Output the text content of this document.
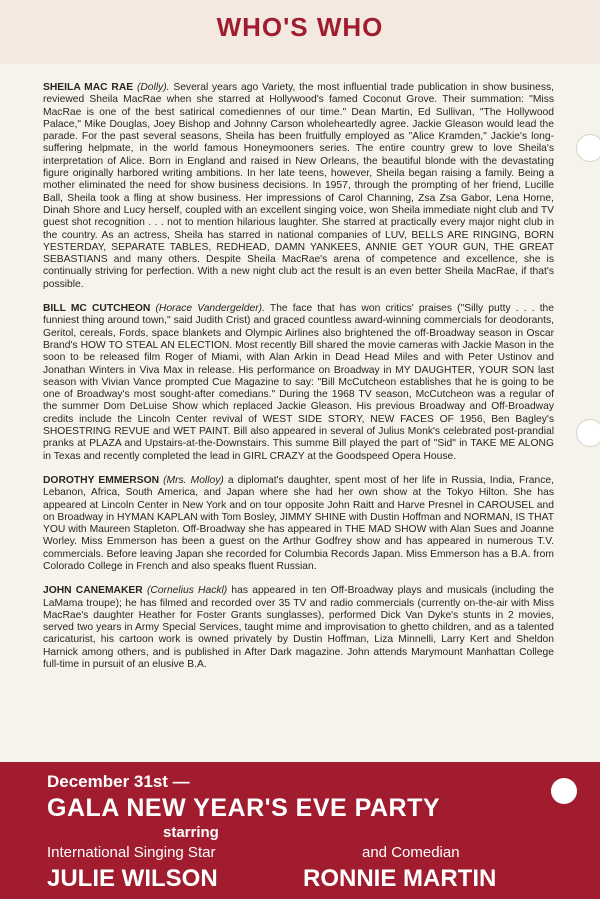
WHO'S WHO

SHEILA MAC RAE (Dolly). Several years ago Variety, the most influential trade publication in show business, reviewed Sheila MacRae when she starred at Hollywood's famed Coconut Grove. Their summation: "Miss MacRae is one of the best satirical comediennes of our time." Dean Martin, Ed Sullivan, "The Hollywood Palace," Mike Douglas, Joey Bishop and Johnny Carson wholeheartedly agree. Jackie Gleason would lead the parade. For the past several seasons, Sheila has been fruitfully employed as "Alice Kramden," Jackie's long-suffering helpmate, in the world famous Honeymooners series. The entire country grew to love Sheila's interpretation of Alice. Born in England and raised in New Orleans, the beautiful blonde with the devastating figure originally harbored writing ambitions. In her late teens, however, Sheila began raising a family. Being a mother eliminated the need for show business decisions. In 1957, through the prompting of her friend, Lucille Ball, Sheila took a fling at show business. Her impressions of Carol Channing, Zsa Zsa Gabor, Lena Horne, Dinah Shore and Lucy herself, coupled with an excellent singing voice, won Sheila immediate night club and TV guest shot recognition . . . not to mention hilarious laughter. She starred at practically every major night club in the country. As an actress, Sheila has starred in national companies of LUV, BELLS ARE RINGING, BORN YESTERDAY, SEPARATE TABLES, REDHEAD, DAMN YANKEES, ANNIE GET YOUR GUN, THE GREAT SEBASTIANS and many others. Despite Sheila MacRae's arena of competence and excellence, she is continually striving for perfection. With a new night club act the result is an even better Sheila MacRae, if that's possible.

BILL MC CUTCHEON (Horace Vandergelder). The face that has won critics' praises ("Silly putty . . . the funniest thing around town," said Judith Crist) and graced countless award-winning commercials for deodorants, Geritol, cereals, Fords, space blankets and Olympic Airlines also brightened the off-Broadway season in Oscar Brand's HOW TO STEAL AN ELECTION. Most recently Bill shared the movie cameras with Jackie Mason in the soon to be released film Roger of Miami, with Alan Arkin in Dead Head Miles and with Peter Ustinov and Jonathan Winters in Viva Max in release. His performance on Broadway in MY DAUGHTER, YOUR SON last season with Vivian Vance prompted Cue Magazine to say: "Bill McCutcheon establishes that he is going to be one of Broadway's most sought-after comedians." During the 1968 TV season, McCutcheon was a regular of the summer Dom DeLuise Show which replaced Jackie Gleason. His previous Broadway and Off-Broadway credits include the Lincoln Center revival of WEST SIDE STORY, NEW FACES OF 1956, Ben Bagley's SHOESTRING REVUE and WET PAINT. Bill also appeared in several of Julius Monk's celebrated post-prandial pranks at PLAZA and Upstairs-at-the-Downstairs. This summe Bill played the part of "Sid" in TAKE ME ALONG in Texas and recently completed the lead in GIRL CRAZY at the Goodspeed Opera House.

DOROTHY EMMERSON (Mrs. Molloy) a diplomat's daughter, spent most of her life in Russia, India, France, Lebanon, Africa, South America, and Japan where she had her own show at the Tokyo Hilton. She has appeared at Lincoln Center in New York and on tour opposite John Raitt and Harve Presnel in CAROUSEL and on Broadway in HYMAN KAPLAN with Tom Bosley, JIMMY SHINE with Dustin Hoffman and NORMAN, IS THAT YOU with Maureen Stapleton. Off-Broadway she has appeared in THE MAD SHOW with Alan Sues and Joanne Worley. Miss Emmerson has been a guest on the Arthur Godfrey show and has appeared in numerous T.V. commercials. Before leaving Japan she recorded for Columbia Records Japan. Miss Emmerson has a B.A. from Colorado College in French and also speaks fluent Russian.

JOHN CANEMAKER (Cornelius Hackl) has appeared in ten Off-Broadway plays and musicals (including the LaMama troupe); he has filmed and recorded over 35 TV and radio commercials (currently on-the-air with Miss MacRae's daughter Heather for Foster Grants sunglasses), performed Dick Van Dyke's stunts in 2 movies, served two years in Army Special Services, taught mime and improvisation to ghetto children, and as a talented caricaturist, his cartoon work is owned privately by Dustin Hoffman, Liza Minnelli, Larry Kert and Sheldon Harnick among others, and is published in After Dark magazine. John attends Marymount Manhattan College full-time in pursuit of an elusive B.A.

December 31st —
GALA NEW YEAR'S EVE PARTY
starring
International Singing Star	and Comedian
JULIE WILSON	RONNIE MARTIN
